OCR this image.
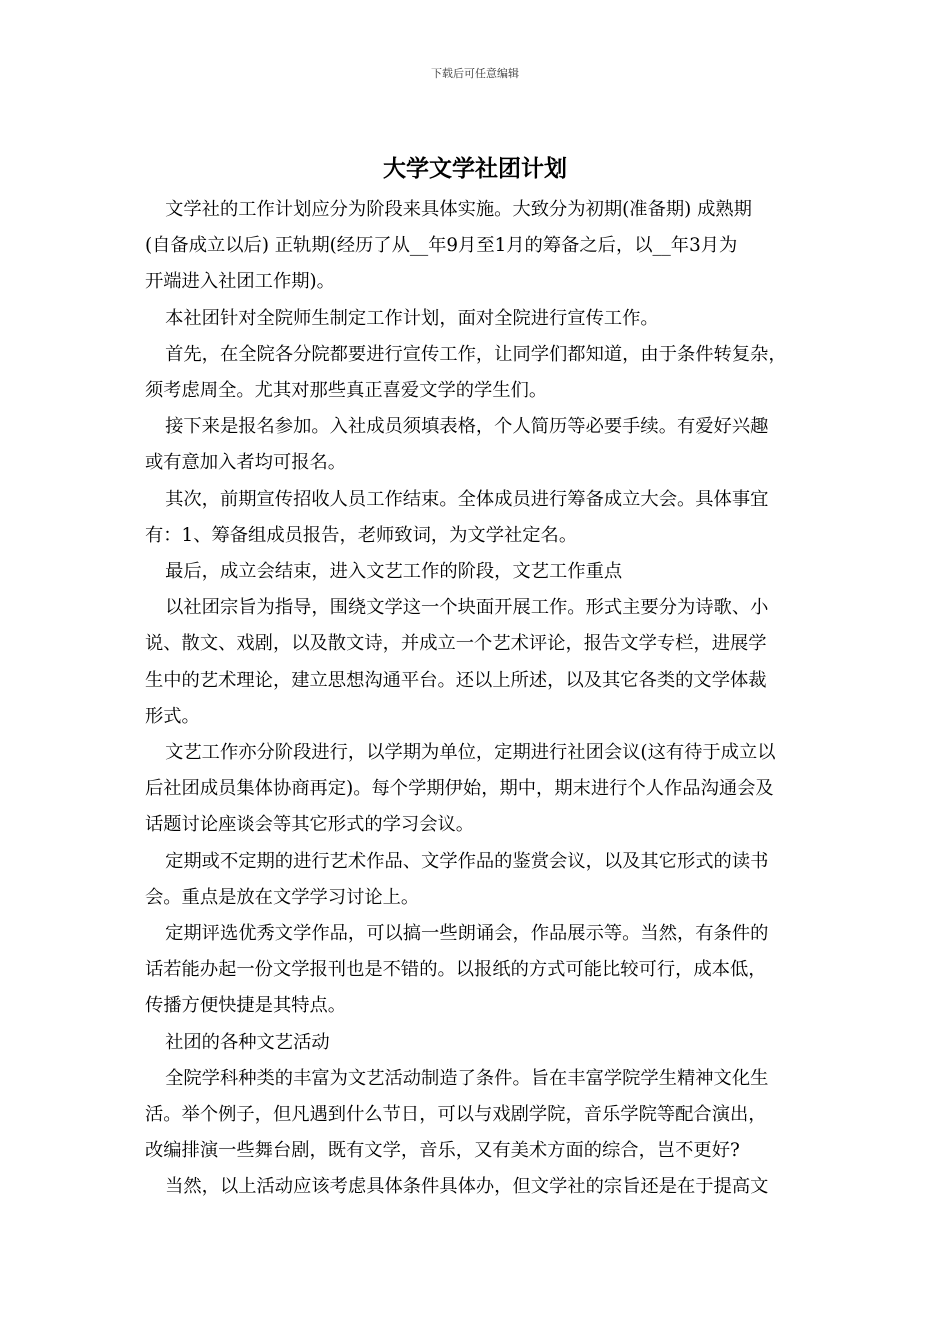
下载后可任意编辑
大学文学社团计划

文学社的工作计划应分为阶段来具体实施。大致分为初期(准备期) 成熟期

(自备成立以后) 正轨期(经历了从__年9月至1月的筹备之后，以__年3月为

开端进入社团工作期)。

本社团针对全院师生制定工作计划，面对全院进行宣传工作。

首先，在全院各分院都要进行宣传工作，让同学们都知道，由于条件转复杂，

须考虑周全。尤其对那些真正喜爱文学的学生们。

接下来是报名参加。入社成员须填表格，个人简历等必要手续。有爱好兴趣

或有意加入者均可报名。

其次，前期宣传招收人员工作结束。全体成员进行筹备成立大会。具体事宜

有：1、筹备组成员报告，老师致词，为文学社定名。

最后，成立会结束，进入文艺工作的阶段，文艺工作重点

以社团宗旨为指导，围绕文学这一个块面开展工作。形式主要分为诗歌、小

说、散文、戏剧，以及散文诗，并成立一个艺术评论，报告文学专栏，进展学

生中的艺术理论，建立思想沟通平台。还以上所述，以及其它各类的文学体裁

形式。

文艺工作亦分阶段进行，以学期为单位，定期进行社团会议(这有待于成立以

后社团成员集体协商再定)。每个学期伊始，期中，期末进行个人作品沟通会及

话题讨论座谈会等其它形式的学习会议。

定期或不定期的进行艺术作品、文学作品的鉴赏会议，以及其它形式的读书

会。重点是放在文学学习讨论上。

定期评选优秀文学作品，可以搞一些朗诵会，作品展示等。当然，有条件的

话若能办起一份文学报刊也是不错的。以报纸的方式可能比较可行，成本低，

传播方便快捷是其特点。

社团的各种文艺活动

全院学科种类的丰富为文艺活动制造了条件。旨在丰富学院学生精神文化生

活。举个例子，但凡遇到什么节日，可以与戏剧学院，音乐学院等配合演出，

改编排演一些舞台剧，既有文学，音乐，又有美术方面的综合，岂不更好?

当然，以上活动应该考虑具体条件具体办，但文学社的宗旨还是在于提高文
